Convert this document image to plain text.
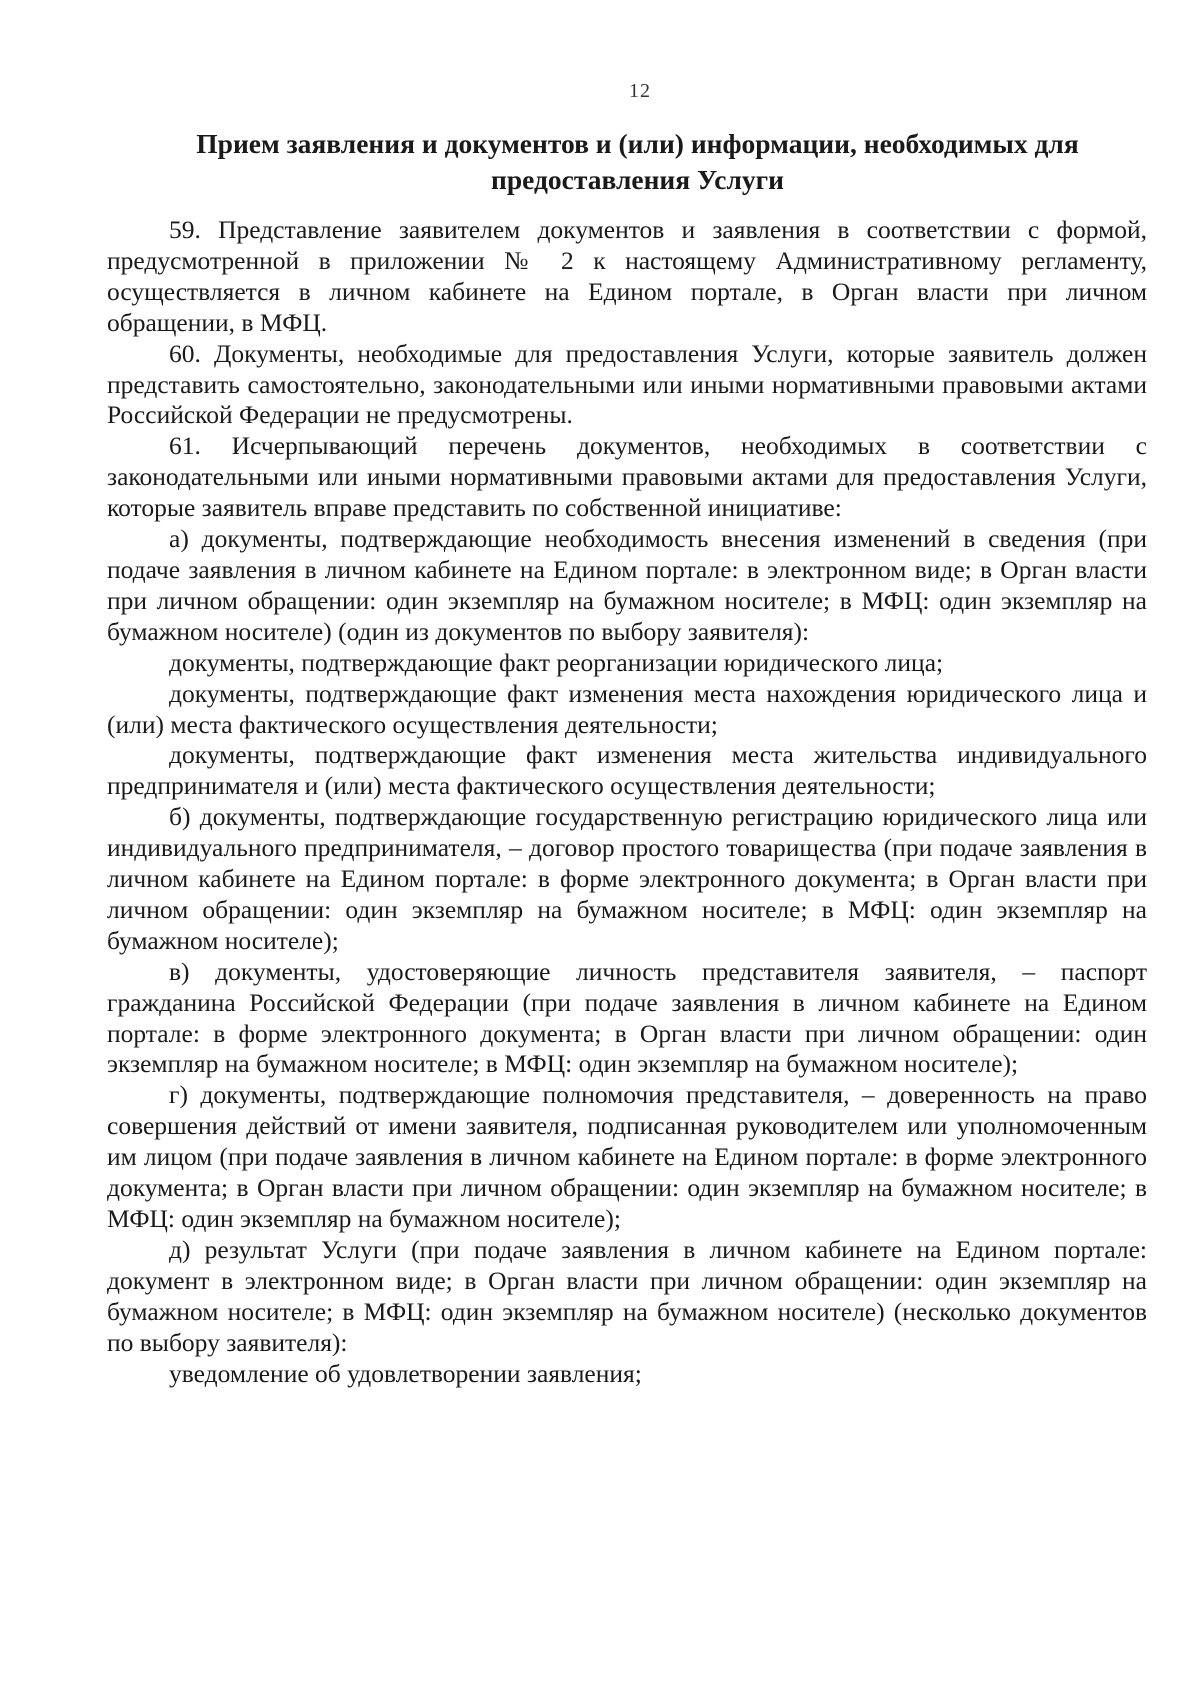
12
Прием заявления и документов и (или) информации, необходимых для
предоставления Услуги

59. Представление заявителем документов и заявления в соответствии с формой, предусмотренной в приложении № 2 к настоящему Административному регламенту, осуществляется в личном кабинете на Едином портале, в Орган власти при личном обращении, в МФЦ.

60. Документы, необходимые для предоставления Услуги, которые заявитель должен представить самостоятельно, законодательными или иными нормативными правовыми актами Российской Федерации не предусмотрены.

61. Исчерпывающий перечень документов, необходимых в соответствии с законодательными или иными нормативными правовыми актами для предоставления Услуги, которые заявитель вправе представить по собственной инициативе:

а) документы, подтверждающие необходимость внесения изменений в сведения (при подаче заявления в личном кабинете на Едином портале: в электронном виде; в Орган власти при личном обращении: один экземпляр на бумажном носителе; в МФЦ: один экземпляр на бумажном носителе) (один из документов по выбору заявителя):

документы, подтверждающие факт реорганизации юридического лица;

документы, подтверждающие факт изменения места нахождения юридического лица и (или) места фактического осуществления деятельности;

документы, подтверждающие факт изменения места жительства индивидуального предпринимателя и (или) места фактического осуществления деятельности;

б) документы, подтверждающие государственную регистрацию юридического лица или индивидуального предпринимателя, – договор простого товарищества (при подаче заявления в личном кабинете на Едином портале: в форме электронного документа; в Орган власти при личном обращении: один экземпляр на бумажном носителе; в МФЦ: один экземпляр на бумажном носителе);

в) документы, удостоверяющие личность представителя заявителя, – паспорт гражданина Российской Федерации (при подаче заявления в личном кабинете на Едином портале: в форме электронного документа; в Орган власти при личном обращении: один экземпляр на бумажном носителе; в МФЦ: один экземпляр на бумажном носителе);

г) документы, подтверждающие полномочия представителя, – доверенность на право совершения действий от имени заявителя, подписанная руководителем или уполномоченным им лицом (при подаче заявления в личном кабинете на Едином портале: в форме электронного документа; в Орган власти при личном обращении: один экземпляр на бумажном носителе; в МФЦ: один экземпляр на бумажном носителе);

д) результат Услуги (при подаче заявления в личном кабинете на Едином портале: документ в электронном виде; в Орган власти при личном обращении: один экземпляр на бумажном носителе; в МФЦ: один экземпляр на бумажном носителе) (несколько документов по выбору заявителя):

уведомление об удовлетворении заявления;
